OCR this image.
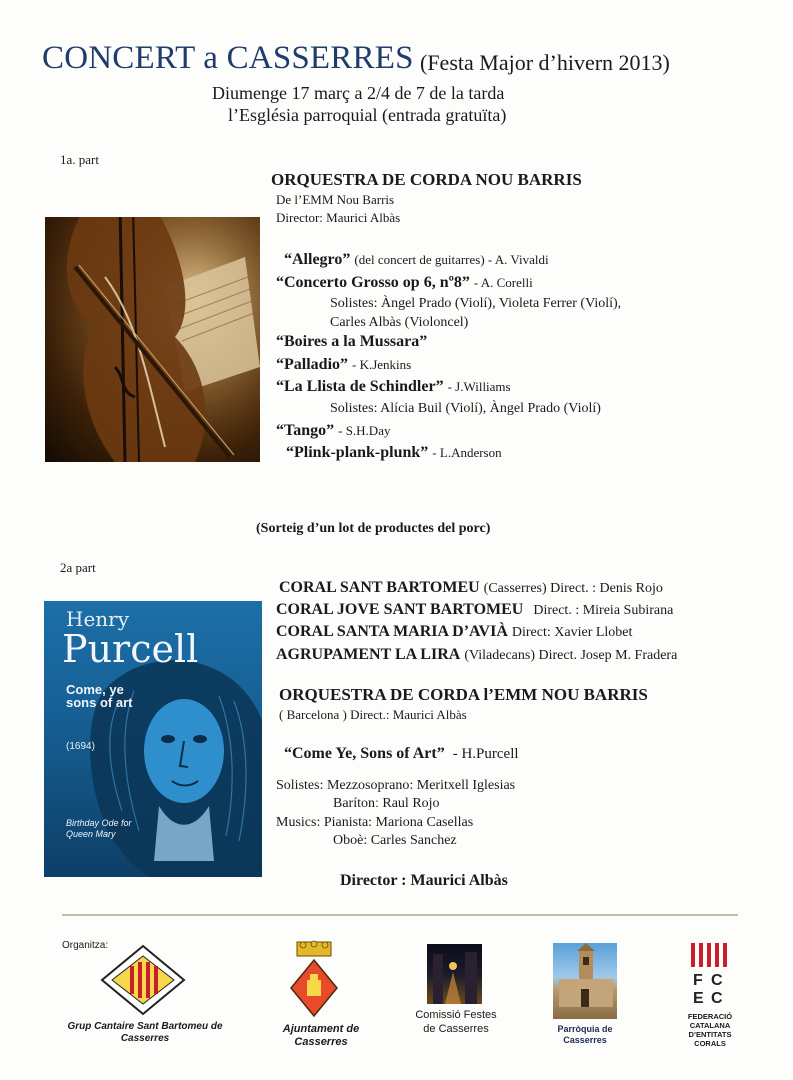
CONCERT a CASSERRES (Festa Major d’hivern 2013)
Diumenge 17 març a 2/4 de 7 de la tarda
l’Església parroquial (entrada gratuïta)
1a. part
ORQUESTRA DE CORDA NOU BARRIS
De l’EMM Nou Barris
Director: Maurici Albàs
“Allegro” (del concert de guitarres) - A. Vivaldi
“Concerto Grosso op 6, nº8” - A. Corelli
Solistes: Àngel Prado (Violí), Violeta Ferrer (Violí),
Carles Albàs (Violoncel)
“Boires a la Mussara”
“Palladio” - K.Jenkins
“La Llista de Schindler” - J.Williams
Solistes: Alícia Buil (Violí), Àngel Prado (Violí)
“Tango” - S.H.Day
“Plink-plank-plunk” - L.Anderson
(Sorteig d’un lot de productes del porc)
2a part
Henry
Purcell
Come, ye sons of art
(1694)
Birthday Ode for Queen Mary
CORAL SANT BARTOMEU (Casserres) Direct. : Denis Rojo
CORAL JOVE SANT BARTOMEU Direct. : Mireia Subirana
CORAL SANTA MARIA D’AVIÀ Direct: Xavier Llobet
AGRUPAMENT LA LIRA (Viladecans) Direct. Josep M. Fradera
ORQUESTRA DE CORDA l’EMM NOU BARRIS
( Barcelona ) Direct.: Maurici Albàs
“Come Ye, Sons of Art” - H.Purcell
Solistes: Mezzosoprano: Meritxell Iglesias
Barítonː Raul Rojo
Musics: Pianista: Mariona Casellas
Oboè: Carles Sanchez
Director : Maurici Albàs
Organitza:
Grup Cantaire Sant Bartomeu de Casserres
Ajuntament de Casserres
Comissió Festes de Casserres	Parròquia de Casserres
F C
E C
FEDERACIÓ CATALANA D’ENTITATS CORALS
